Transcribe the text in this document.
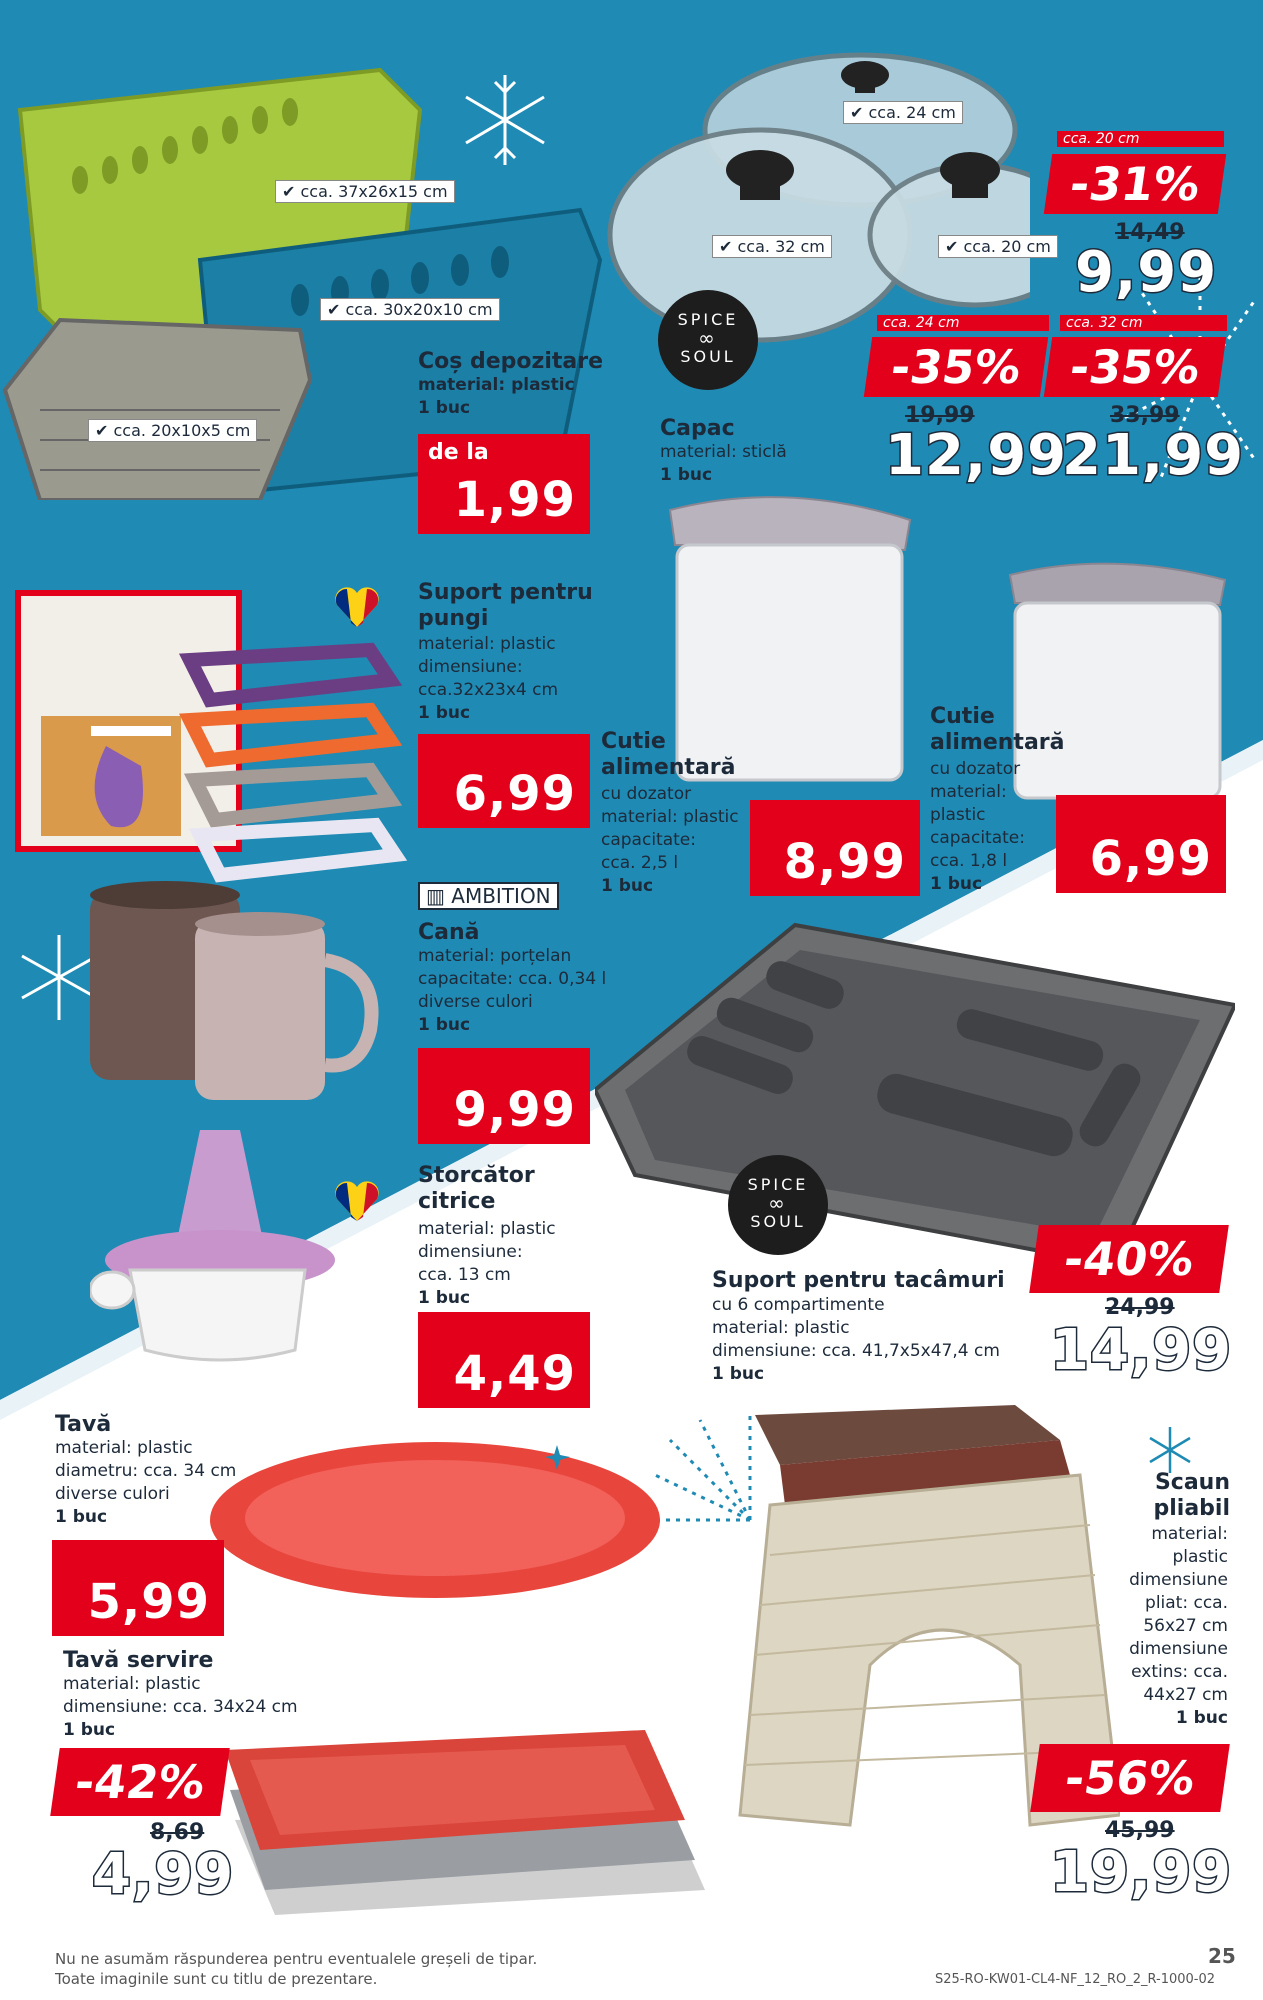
✔ cca. 37x26x15 cm
✔ cca. 30x20x10 cm
✔ cca. 20x10x5 cm
Coș depozitare
material: plastic
1 buc
de la
1,99
✔ cca. 24 cm
✔ cca. 32 cm	✔ cca. 20 cm
SPICE
∞
SOUL
Capac
material: sticlă
1 buc
cca. 20 cm
-31%
14,49
9,99
cca. 24 cm
-35%
19,99
12,99
cca. 32 cm
-35%
33,99
21,99
Suport pentru
pungi
material: plastic
dimensiune:
cca.32x23x4 cm
1 buc
6,99
Cutie
alimentară
cu dozator
material: plastic
capacitate:
cca. 2,5 l
1 buc	8,99
Cutie
alimentară
cu dozator
material:
plastic
capacitate:
cca. 1,8 l
1 buc	6,99
▥ AMBITION
Cană
material: porțelan
capacitate: cca. 0,34 l
diverse culori
1 buc
9,99
SPICE
∞
SOUL
Suport pentru tacâmuri
cu 6 compartimente
material: plastic
dimensiune: cca. 41,7x5x47,4 cm
1 buc
-40%
24,99
14,99
Storcător
citrice
material: plastic
dimensiune:
cca. 13 cm
1 buc
4,49
Tavă
material: plastic
diametru: cca. 34 cm
diverse culori
1 buc
5,99
Tavă servire
material: plastic
dimensiune: cca. 34x24 cm
1 buc
-42%
8,69
4,99
Scaun
pliabil
material:
plastic
dimensiune
pliat: cca.
56x27 cm
dimensiune
extins: cca.
44x27 cm
1 buc
-56%
45,99
19,99
Nu ne asumăm răspunderea pentru eventualele greșeli de tipar.
Toate imaginile sunt cu titlu de prezentare.
25
S25-RO-KW01-CL4-NF_12_RO_2_R-1000-02
